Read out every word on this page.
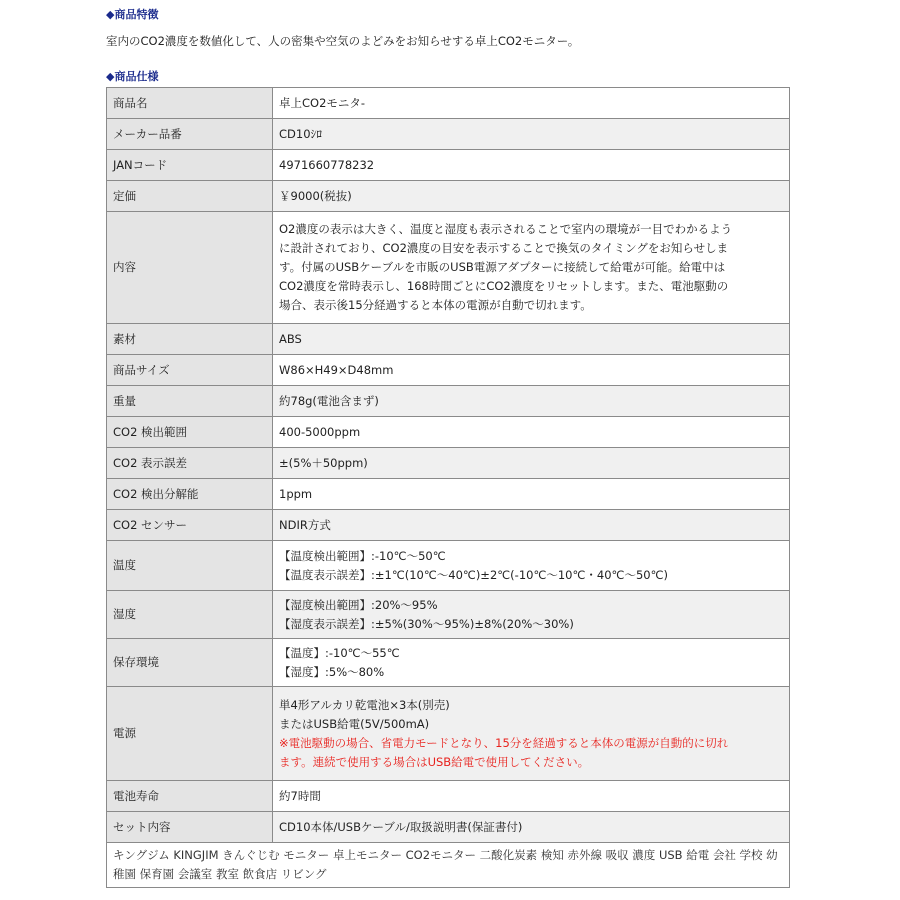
◆商品特徴
室内のCO2濃度を数値化して、人の密集や空気のよどみをお知らせする卓上CO2モニター。
◆商品仕様
商品名	卓上CO2モニタ-
メーカー品番	CD10ｼﾛ
JANコード	4971660778232
定価	￥9000(税抜)
内容	O2濃度の表示は大きく、温度と湿度も表示されることで室内の環境が一目でわかるよう
に設計されており、CO2濃度の目安を表示することで換気のタイミングをお知らせしま
す。付属のUSBケーブルを市販のUSB電源アダプターに接続して給電が可能。給電中は
CO2濃度を常時表示し、168時間ごとにCO2濃度をリセットします。また、電池駆動の
場合、表示後15分経過すると本体の電源が自動で切れます。

素材	ABS
商品サイズ	W86×H49×D48mm
重量	約78g(電池含まず)
CO2 検出範囲	400-5000ppm
CO2 表示誤差	±(5%＋50ppm)
CO2 検出分解能	1ppm
CO2 センサー	NDIR方式
温度	【温度検出範囲】:-10℃～50℃
【温度表示誤差】:±1℃(10℃～40℃)±2℃(-10℃～10℃・40℃～50℃)

湿度	【湿度検出範囲】:20%～95%
【湿度表示誤差】:±5%(30%～95%)±8%(20%～30%)

保存環境	【温度】:-10℃～55℃
【湿度】:5%～80%

電源	単4形アルカリ乾電池×3本(別売)
またはUSB給電(5V/500mA)
※電池駆動の場合、省電力モードとなり、15分を経過すると本体の電源が自動的に切れ
ます。連続で使用する場合はUSB給電で使用してください。

電池寿命	約7時間
セット内容	CD10本体/USBケーブル/取扱説明書(保証書付)
キングジム KINGJIM きんぐじむ モニター 卓上モニター CO2モニター 二酸化炭素 検知 赤外線 吸収 濃度 USB 給電 会社 学校 幼稚園 保育園 会議室 教室 飲食店 リビング	
